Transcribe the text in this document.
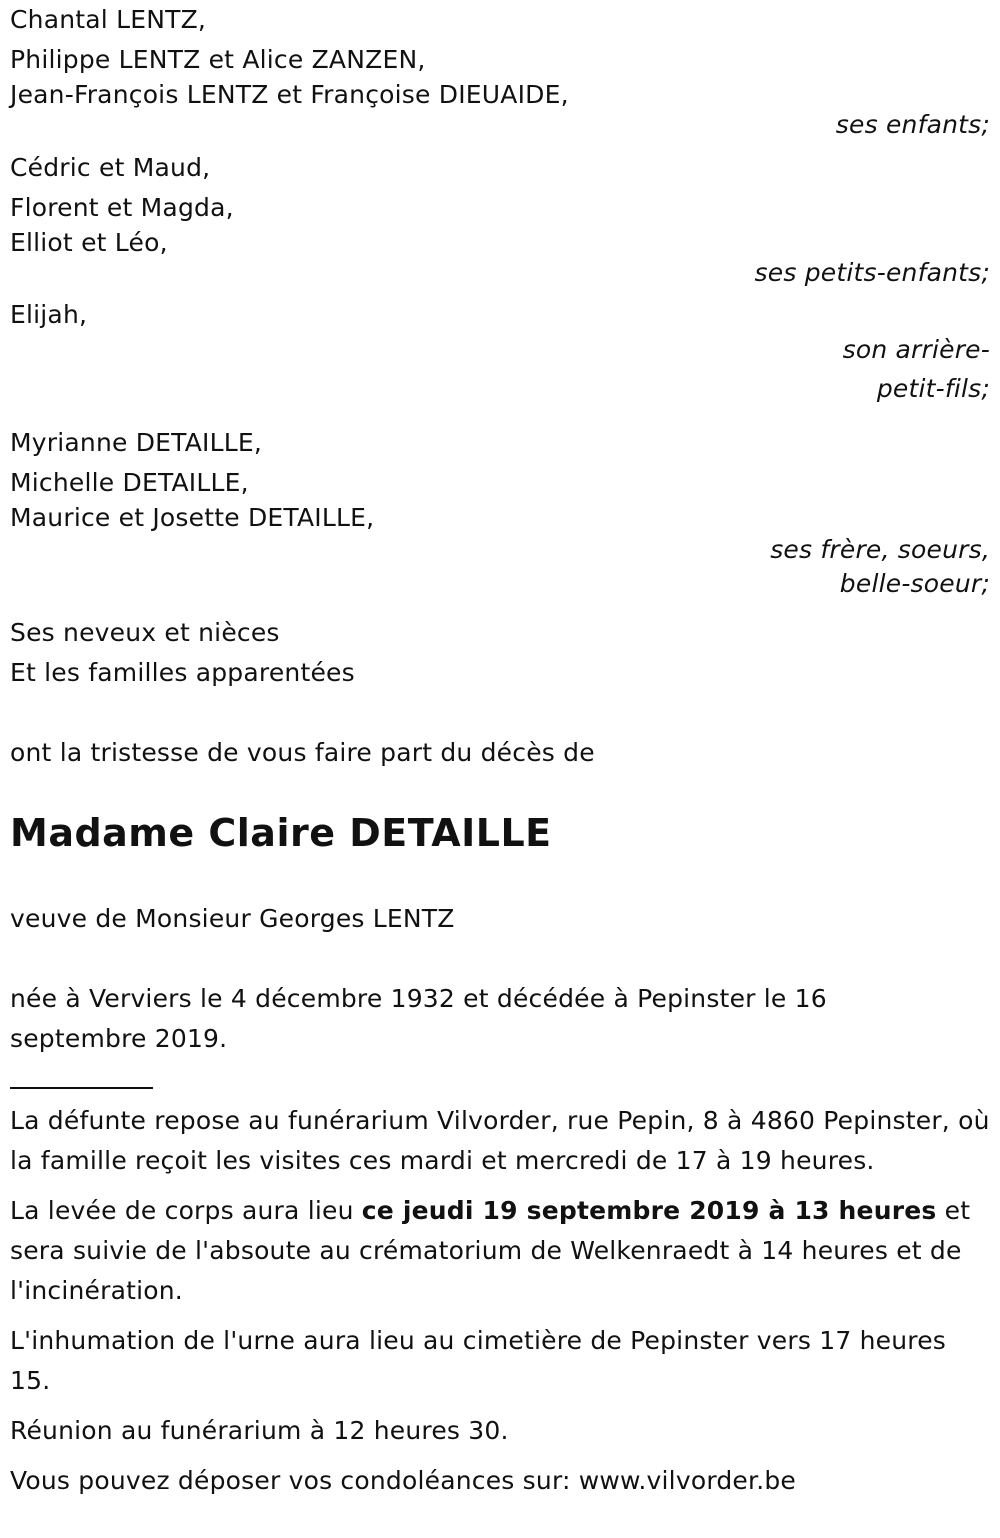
Chantal LENTZ,
Philippe LENTZ et Alice ZANZEN,
Jean-François LENTZ et Françoise DIEUAIDE,
ses enfants;
Cédric et Maud,
Florent et Magda,
Elliot et Léo,
ses petits-enfants;
Elijah,
son arrière-
petit-fils;
Myrianne DETAILLE,
Michelle DETAILLE,
Maurice et Josette DETAILLE,
ses frère, soeurs,
belle-soeur;
Ses neveux et nièces
Et les familles apparentées
ont la tristesse de vous faire part du décès de
Madame Claire DETAILLE
veuve de Monsieur Georges LENTZ
née à Verviers le 4 décembre 1932 et décédée à Pepinster le 16 septembre 2019.
La défunte repose au funérarium Vilvorder, rue Pepin, 8 à 4860 Pepinster, où la famille reçoit les visites ces mardi et mercredi de 17 à 19 heures.
La levée de corps aura lieu ce jeudi 19 septembre 2019 à 13 heures et sera suivie de l'absoute au crématorium de Welkenraedt à 14 heures et de l'incinération.
L'inhumation de l'urne aura lieu au cimetière de Pepinster vers 17 heures 15.
Réunion au funérarium à 12 heures 30.
Vous pouvez déposer vos condoléances sur: www.vilvorder.be
